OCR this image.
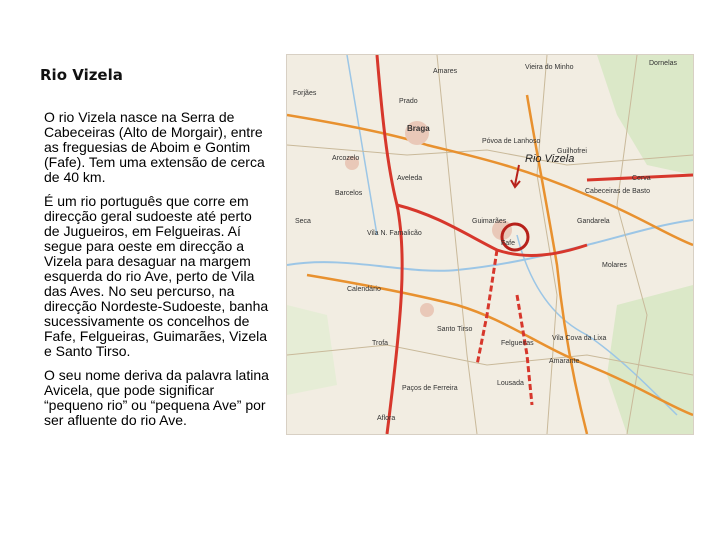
Rio Vizela

O rio Vizela nasce na Serra de Cabeceiras (Alto de Morgair), entre as freguesias de Aboim e Gontim (Fafe). Tem uma extensão de cerca de 40 km.

É um rio português que corre em direcção geral sudoeste até perto de Jugueiros, em Felgueiras. Aí segue para oeste em direcção a Vizela para desaguar na margem esquerda do rio Ave, perto de Vila das Aves. No seu percurso, na direcção Nordeste-Sudoeste, banha sucessivamente os concelhos de Fafe, Felgueiras, Guimarães, Vizela e Santo Tirso.

O seu nome deriva da palavra latina Avicela, que pode significar “pequeno rio” ou “pequena Ave” por ser afluente do rio Ave.

Rio Vizela
Amares
Vieira do Minho
Dornelas
Forjães
Prado
Braga
Póvoa de Lanhoso
Guilhofrei
Arcozelo
Barcelos
Aveleda	Cerva
Cabeceiras de Basto
Gandarela
Seca
Fafe
Vila N. Famalicão
Guimarães
Molares
Calendário
Santo Tirso
Trofa	Felgueiras
Vila Cova da Lixa
Amarante
Paços de Ferreira
Lousada
Aflora
